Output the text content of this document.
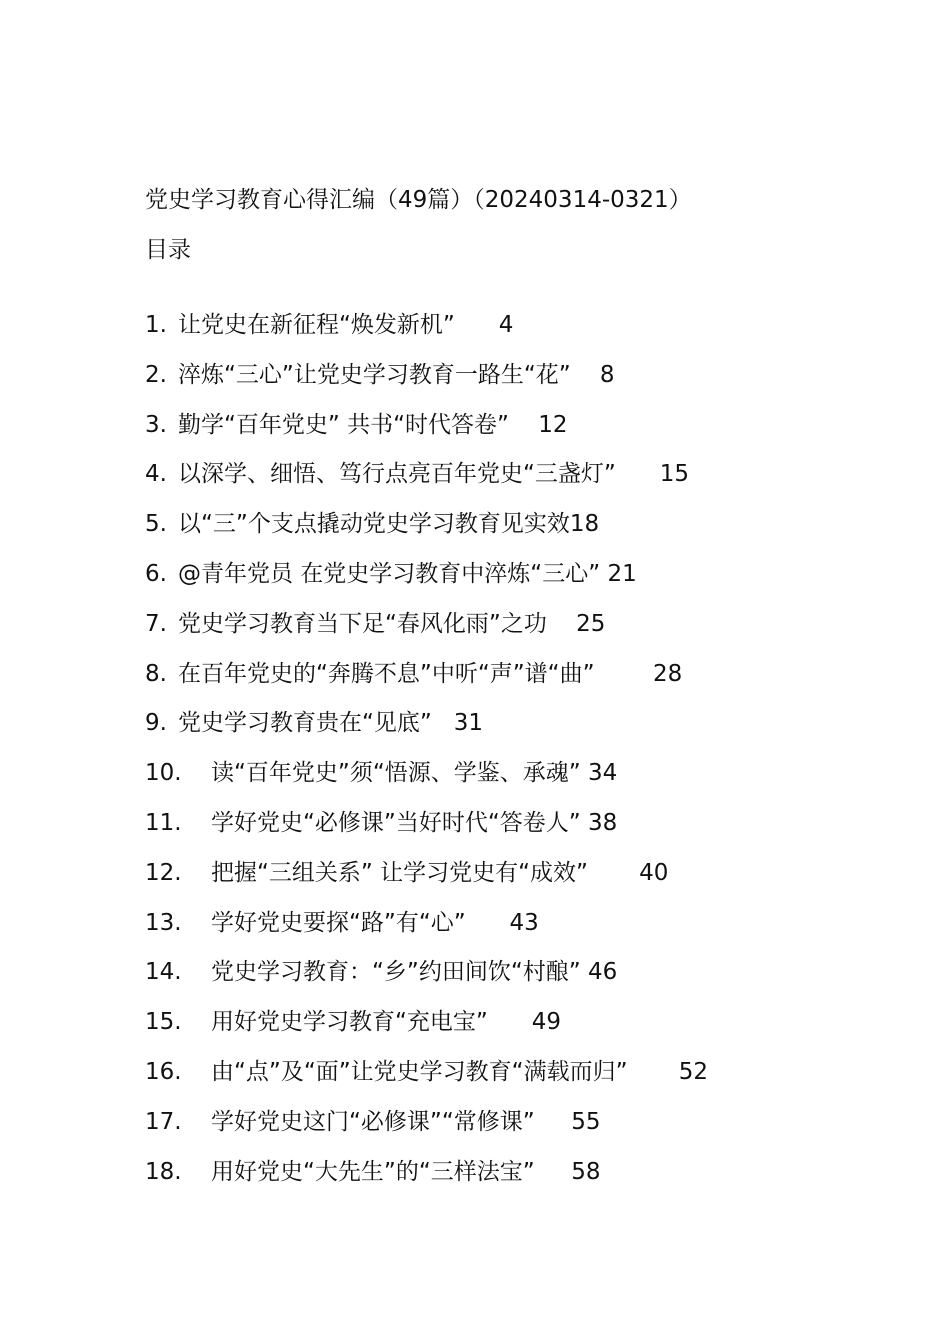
党史学习教育心得汇编（49篇）（20240314-0321）
目录
1. 让党史在新征程“焕发新机” 4
2. 淬炼“三心”让党史学习教育一路生“花” 8
3. 勤学“百年党史” 共书“时代答卷” 12
4. 以深学、细悟、笃行点亮百年党史“三盏灯” 15
5. 以“三”个支点撬动党史学习教育见实效18
6. @青年党员 在党史学习教育中淬炼“三心” 21
7. 党史学习教育当下足“春风化雨”之功 25
8. 在百年党史的“奔腾不息”中听“声”谱“曲”	28
9. 党史学习教育贵在“见底” 31
10. 读“百年党史”须“悟源、学鉴、承魂” 34
11. 学好党史“必修课”当好时代“答卷人” 38
12. 把握“三组关系” 让学习党史有“成效” 40
13. 学好党史要探“路”有“心” 43
14. 党史学习教育：“乡”约田间饮“村酿” 46
15. 用好党史学习教育“充电宝” 49
16. 由“点”及“面”让党史学习教育“满载而归” 52
17. 学好党史这门“必修课”“常修课” 55
18. 用好党史“大先生”的“三样法宝” 58
